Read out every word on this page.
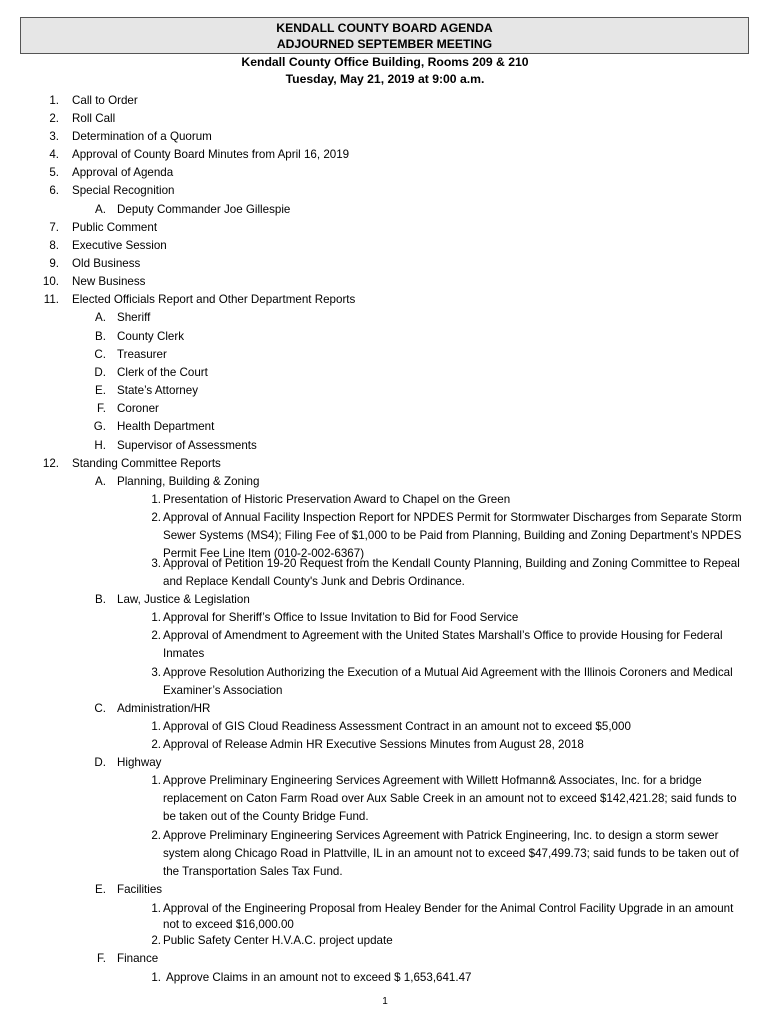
KENDALL COUNTY BOARD AGENDA
ADJOURNED SEPTEMBER MEETING
Kendall County Office Building, Rooms 209 & 210
Tuesday, May 21, 2019 at 9:00 a.m.
1. Call to Order
2. Roll Call
3. Determination of a Quorum
4. Approval of County Board Minutes from April 16, 2019
5. Approval of Agenda
6. Special Recognition
A. Deputy Commander Joe Gillespie
7. Public Comment
8. Executive Session
9. Old Business
10. New Business
11. Elected Officials Report and Other Department Reports
A. Sheriff
B. County Clerk
C. Treasurer
D. Clerk of the Court
E. State’s Attorney
F. Coroner
G. Health Department
H. Supervisor of Assessments
12. Standing Committee Reports
A. Planning, Building & Zoning
1. Presentation of Historic Preservation Award to Chapel on the Green
2. Approval of Annual Facility Inspection Report for NPDES Permit for Stormwater Discharges from Separate Storm Sewer Systems (MS4); Filing Fee of $1,000 to be Paid from Planning, Building and Zoning Department’s NPDES Permit Fee Line Item (010-2-002-6367)
3. Approval of Petition 19-20 Request from the Kendall County Planning, Building and Zoning Committee to Repeal and Replace Kendall County's Junk and Debris Ordinance.
B. Law, Justice & Legislation
1. Approval for Sheriff’s Office to Issue Invitation to Bid for Food Service
2. Approval of Amendment to Agreement with the United States Marshall’s Office to provide Housing for Federal Inmates
3. Approve Resolution Authorizing the Execution of a Mutual Aid Agreement with the Illinois Coroners and Medical Examiner’s Association
C. Administration/HR
1. Approval of GIS Cloud Readiness Assessment Contract in an amount not to exceed $5,000
2. Approval of Release Admin HR Executive Sessions Minutes from August 28, 2018
D. Highway
1. Approve Preliminary Engineering Services Agreement with Willett Hofmann& Associates, Inc. for a bridge replacement on Caton Farm Road over Aux Sable Creek in an amount not to exceed $142,421.28; said funds to be taken out of the County Bridge Fund.
2. Approve Preliminary Engineering Services Agreement with Patrick Engineering, Inc. to design a storm sewer system along Chicago Road in Plattville, IL in an amount not to exceed $47,499.73; said funds to be taken out of the Transportation Sales Tax Fund.
E. Facilities
1. Approval of the Engineering Proposal from Healey Bender for the Animal Control Facility Upgrade in an amount not to exceed $16,000.00
2. Public Safety Center H.V.A.C. project update
F. Finance
1. Approve Claims in an amount not to exceed $ 1,653,641.47
1
